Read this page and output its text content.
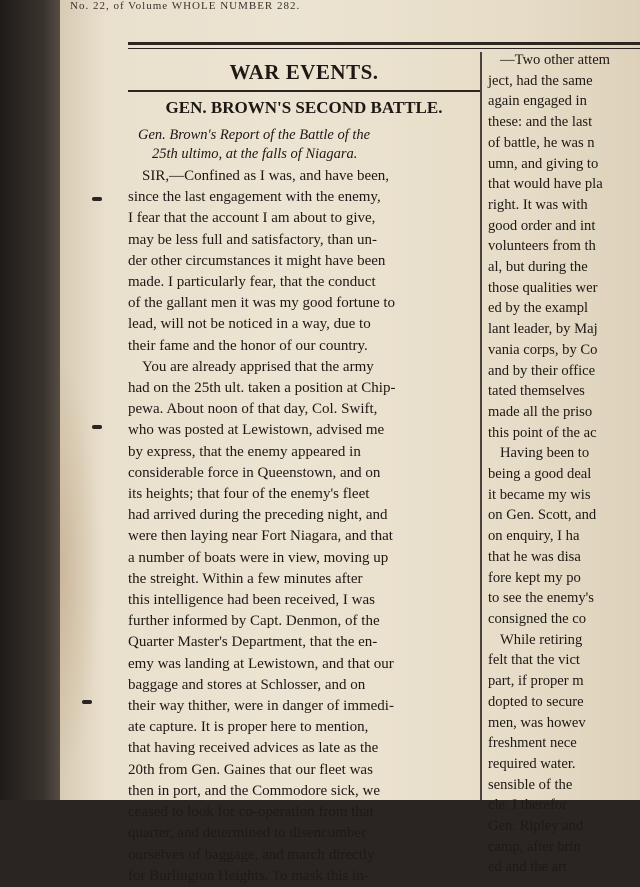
No. 22, of Volume WHOLE NUMBER 282.
WAR EVENTS.
GEN. BROWN'S SECOND BATTLE.
Gen. Brown's Report of the Battle of the
25th ultimo, at the falls of Niagara.
SIR,—Confined as I was, and have been,
since the last engagement with the enemy,
I fear that the account I am about to give,
may be less full and satisfactory, than un-
der other circumstances it might have been
made. I particularly fear, that the conduct
of the gallant men it was my good fortune to
lead, will not be noticed in a way, due to
their fame and the honor of our country.
You are already apprised that the army
had on the 25th ult. taken a position at Chip-
pewa. About noon of that day, Col. Swift,
who was posted at Lewistown, advised me
by express, that the enemy appeared in
considerable force in Queenstown, and on
its heights; that four of the enemy's fleet
had arrived during the preceding night, and
were then laying near Fort Niagara, and that
a number of boats were in view, moving up
the streight. Within a few minutes after
this intelligence had been received, I was
further informed by Capt. Denmon, of the
Quarter Master's Department, that the en-
emy was landing at Lewistown, and that our
baggage and stores at Schlosser, and on
their way thither, were in danger of immedi-
ate capture. It is proper here to mention,
that having received advices as late as the
20th from Gen. Gaines that our fleet was
then in port, and the Commodore sick, we
ceased to look for co-operation from that
quarter, and determined to disencumber
ourselves of baggage, and march directly
for Burlington Heights. To mask this in-
—Two other attem
ject, had the same
again engaged in
these: and the last
of battle, he was n
umn, and giving to
that would have pla
right. It was with
good order and int
volunteers from th
al, but during the
those qualities wer
ed by the exampl
lant leader, by Maj
vania corps, by Co
and by their office
tated themselves
made all the priso
this point of the ac
Having been to
being a good deal
it became my wis
on Gen. Scott, and
on enquiry, I ha
that he was disa
fore kept my po
to see the enemy's
consigned the co
While retiring
felt that the vict
part, if proper m
dopted to secure
men, was howev
freshment nece
required water.
sensible of the
cle. I therefor
Gen. Ripley and
camp, after brin
ed and the art
